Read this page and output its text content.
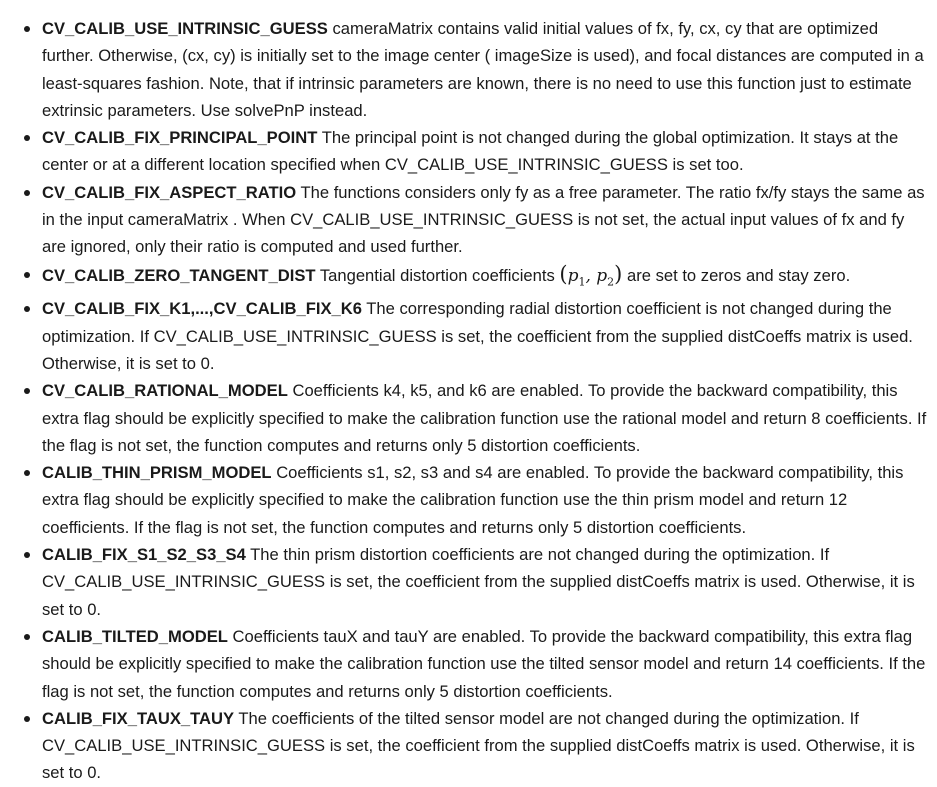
CV_CALIB_USE_INTRINSIC_GUESS cameraMatrix contains valid initial values of fx, fy, cx, cy that are optimized further. Otherwise, (cx, cy) is initially set to the image center ( imageSize is used), and focal distances are computed in a least-squares fashion. Note, that if intrinsic parameters are known, there is no need to use this function just to estimate extrinsic parameters. Use solvePnP instead.
CV_CALIB_FIX_PRINCIPAL_POINT The principal point is not changed during the global optimization. It stays at the center or at a different location specified when CV_CALIB_USE_INTRINSIC_GUESS is set too.
CV_CALIB_FIX_ASPECT_RATIO The functions considers only fy as a free parameter. The ratio fx/fy stays the same as in the input cameraMatrix . When CV_CALIB_USE_INTRINSIC_GUESS is not set, the actual input values of fx and fy are ignored, only their ratio is computed and used further.
CV_CALIB_ZERO_TANGENT_DIST Tangential distortion coefficients ($p_1$, $p_2$) are set to zeros and stay zero.
CV_CALIB_FIX_K1,...,CV_CALIB_FIX_K6 The corresponding radial distortion coefficient is not changed during the optimization. If CV_CALIB_USE_INTRINSIC_GUESS is set, the coefficient from the supplied distCoeffs matrix is used. Otherwise, it is set to 0.
CV_CALIB_RATIONAL_MODEL Coefficients k4, k5, and k6 are enabled. To provide the backward compatibility, this extra flag should be explicitly specified to make the calibration function use the rational model and return 8 coefficients. If the flag is not set, the function computes and returns only 5 distortion coefficients.
CALIB_THIN_PRISM_MODEL Coefficients s1, s2, s3 and s4 are enabled. To provide the backward compatibility, this extra flag should be explicitly specified to make the calibration function use the thin prism model and return 12 coefficients. If the flag is not set, the function computes and returns only 5 distortion coefficients.
CALIB_FIX_S1_S2_S3_S4 The thin prism distortion coefficients are not changed during the optimization. If CV_CALIB_USE_INTRINSIC_GUESS is set, the coefficient from the supplied distCoeffs matrix is used. Otherwise, it is set to 0.
CALIB_TILTED_MODEL Coefficients tauX and tauY are enabled. To provide the backward compatibility, this extra flag should be explicitly specified to make the calibration function use the tilted sensor model and return 14 coefficients. If the flag is not set, the function computes and returns only 5 distortion coefficients.
CALIB_FIX_TAUX_TAUY The coefficients of the tilted sensor model are not changed during the optimization. If CV_CALIB_USE_INTRINSIC_GUESS is set, the coefficient from the supplied distCoeffs matrix is used. Otherwise, it is set to 0.
